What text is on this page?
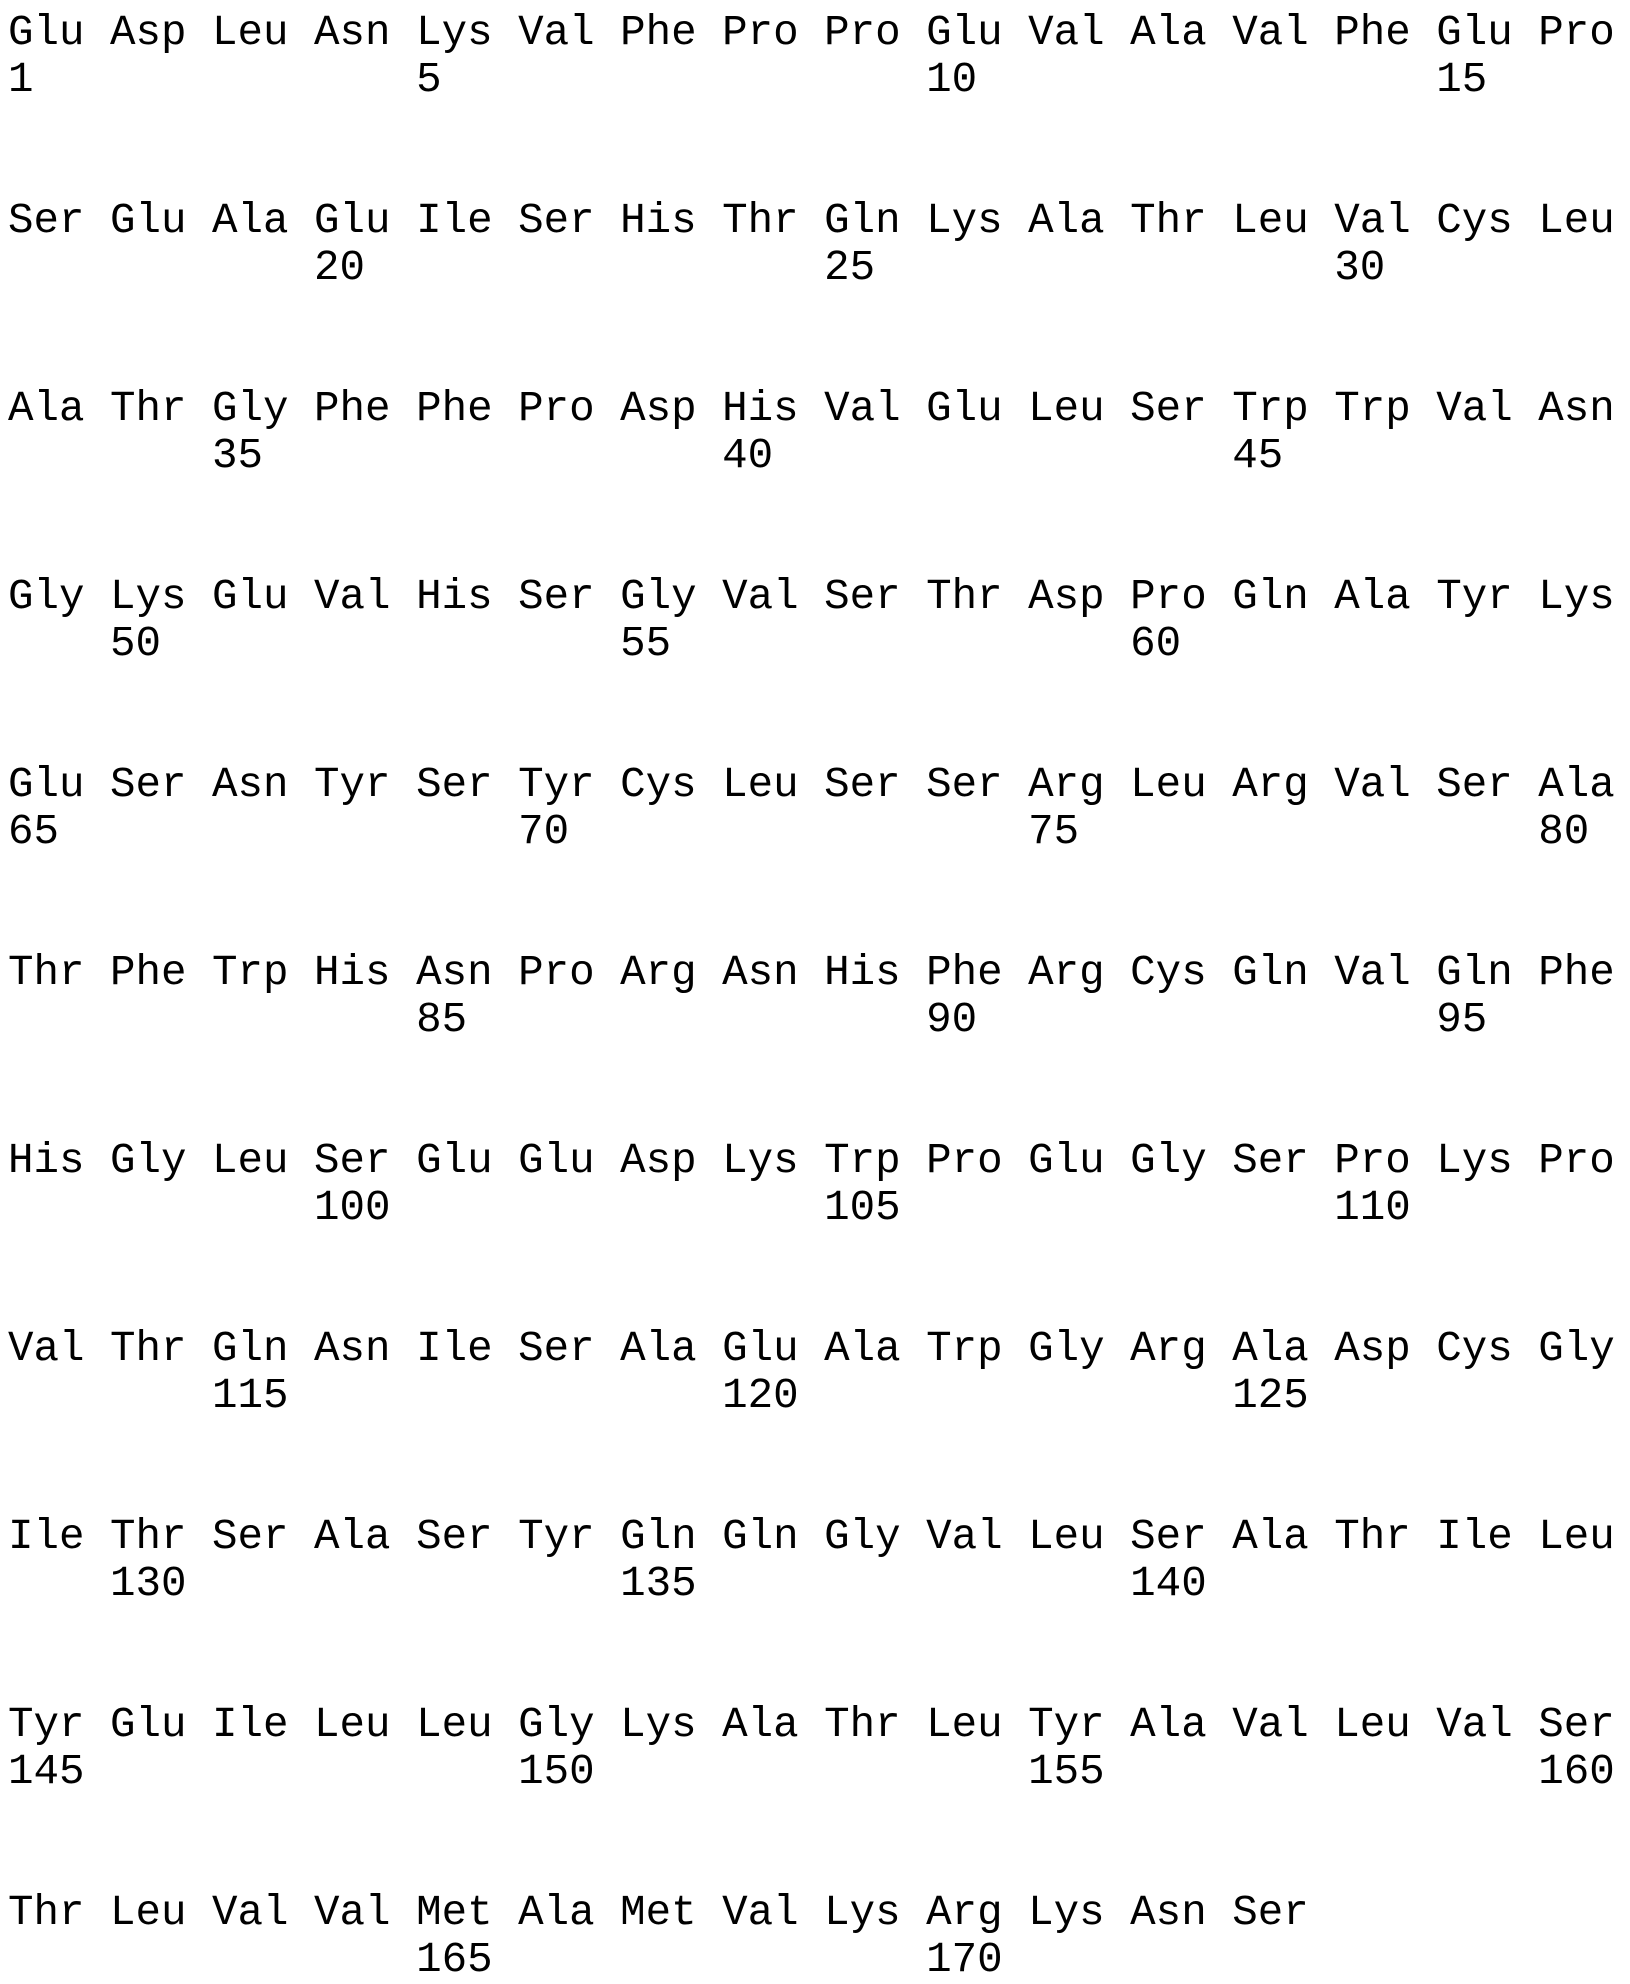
Glu Asp Leu Asn Lys Val Phe Pro Pro Glu Val Ala Val Phe Glu Pro
1               5                   10                  15
Ser Glu Ala Glu Ile Ser His Thr Gln Lys Ala Thr Leu Val Cys Leu
20                  25                  30
Ala Thr Gly Phe Phe Pro Asp His Val Glu Leu Ser Trp Trp Val Asn
35                  40                  45
Gly Lys Glu Val His Ser Gly Val Ser Thr Asp Pro Gln Ala Tyr Lys
50                  55                  60
Glu Ser Asn Tyr Ser Tyr Cys Leu Ser Ser Arg Leu Arg Val Ser Ala
65                  70                  75                  80
Thr Phe Trp His Asn Pro Arg Asn His Phe Arg Cys Gln Val Gln Phe
85                  90                  95
His Gly Leu Ser Glu Glu Asp Lys Trp Pro Glu Gly Ser Pro Lys Pro
100                 105                 110
Val Thr Gln Asn Ile Ser Ala Glu Ala Trp Gly Arg Ala Asp Cys Gly
115                 120                 125
Ile Thr Ser Ala Ser Tyr Gln Gln Gly Val Leu Ser Ala Thr Ile Leu
130                 135                 140
Tyr Glu Ile Leu Leu Gly Lys Ala Thr Leu Tyr Ala Val Leu Val Ser
145                 150                 155                 160
Thr Leu Val Val Met Ala Met Val Lys Arg Lys Asn Ser
165                 170
